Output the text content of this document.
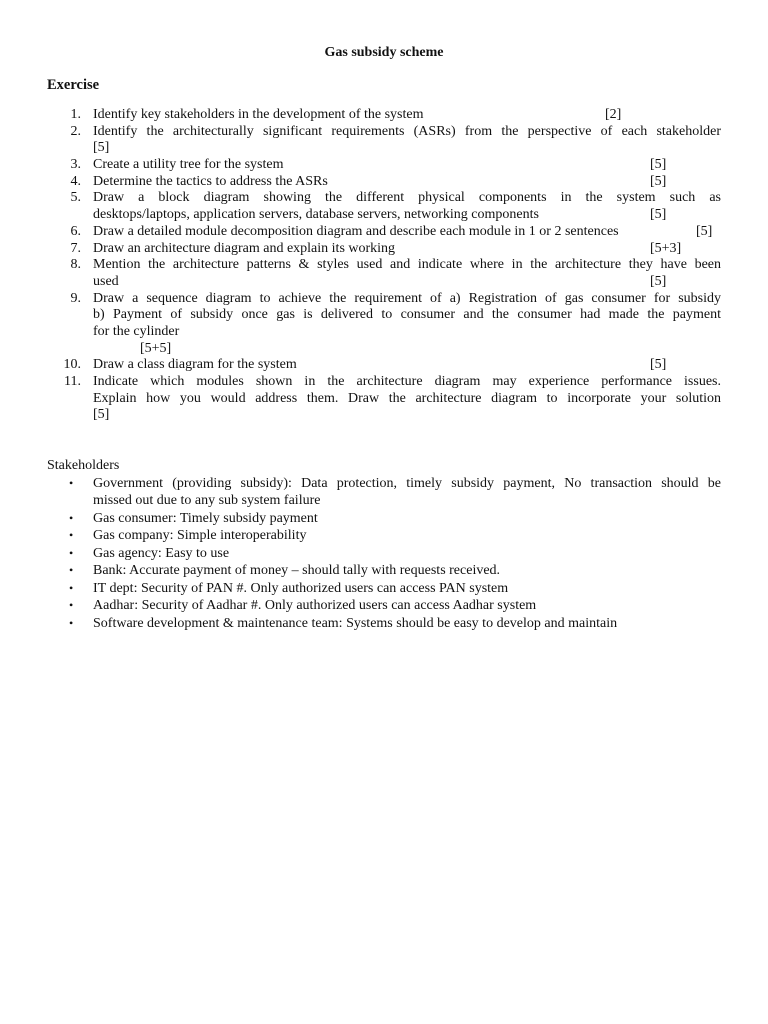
Gas subsidy scheme
Exercise
1. Identify key stakeholders in the development of the system	[2]
2. Identify the architecturally significant requirements (ASRs) from the perspective of each stakeholder
[5]
3. Create a utility tree for the system	[5]
4. Determine the tactics to address the ASRs	[5]
5. Draw a block diagram showing the different physical components in the system such as
desktops/laptops, application servers, database servers, networking components	[5]
6. Draw a detailed module decomposition diagram and describe each module in 1 or 2 sentences	[5]
7. Draw an architecture diagram and explain its working	[5+3]
8. Mention the architecture patterns & styles used and indicate where in the architecture they have been
used	[5]
9. Draw a sequence diagram to achieve the requirement of a) Registration of gas consumer for subsidy
b) Payment of subsidy once gas is delivered to consumer and the consumer had made the payment
for the cylinder
[5+5]
10. Draw a class diagram for the system	[5]
11. Indicate which modules shown in the architecture diagram may experience performance issues.
Explain how you would address them. Draw the architecture diagram to incorporate your solution
[5]
Stakeholders
•
Government (providing subsidy): Data protection, timely subsidy payment, No transaction should be
missed out due to any sub system failure
•
Gas consumer: Timely subsidy payment
•
Gas company: Simple interoperability
•
Gas agency: Easy to use
•
Bank: Accurate payment of money – should tally with requests received.
•
IT dept: Security of PAN #. Only authorized users can access PAN system
•
Aadhar: Security of Aadhar #. Only authorized users can access Aadhar system
•
Software development & maintenance team: Systems should be easy to develop and maintain
